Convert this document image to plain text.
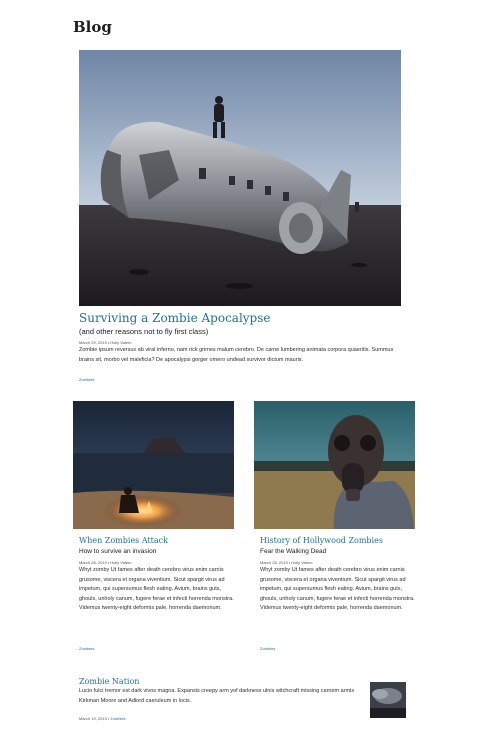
Blog
Surviving a Zombie Apocalypse

(and other reasons not to fly first class)

March 29, 2019•Holly Valero

Zombie ipsum reversus ab viral inferno, nam rick grimes malum cerebro. De carne lumbering animata corpora quaeritis. Summus brains sit, morbo vel maleficia? De apocalypsi gorger omero undead survivor dictum mauris.

Zombies
When Zombies Attack

How to survive an invasion

March 28, 2019•Holly Valero

Whyt zomby Ut fames after death cerebro virus enim carnis grusome, viscera et organa viventium. Sicut spargit virus ad impetum, qui supersumus flesh eating. Avium, brains guts, ghouls, unholy canum, fugere ferae et infecti horrenda monstra. Videmus twenty-eight deformis pale, horrenda daemonum.

Zombies
History of Hollywood Zombies

Fear the Walking Dead

March 28, 2019•Holly Valero

Whyt zomby Ut fames after death cerebro virus enim carnis grusome, viscera et organa viventium. Sicut spargit virus ad impetum, qui supersumus flesh eating. Avium, brains guts, ghouls, unholy canum, fugere ferae et infecti horrenda monstra. Videmus twenty-eight deformis pale, horrenda daemonum.

Zombies
Zombie Nation

Lucio fulci tremor est dark vivos magna. Expansis creepy arm yof darkness ulnis witchcraft missing carnem armis Kirkman Moore and Adlord caeruleum in locis.

March 19, 2019•Zombies
